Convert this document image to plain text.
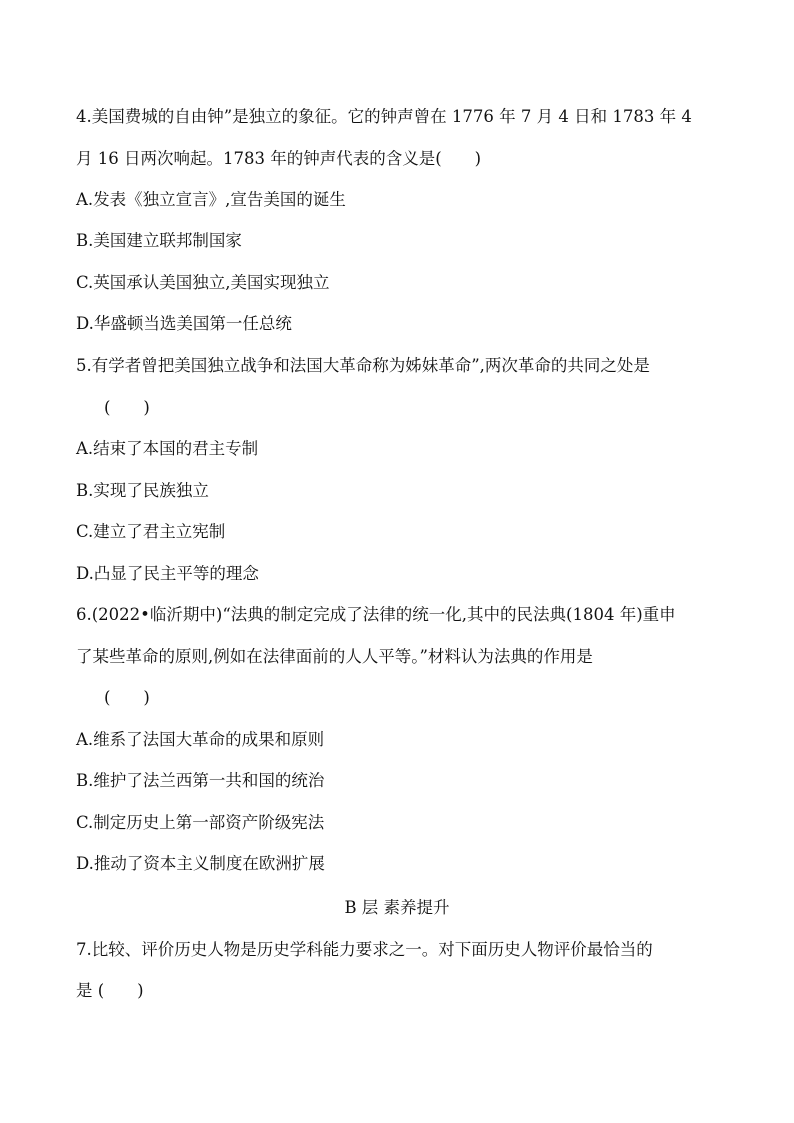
4.美国费城的自由钟”是独立的象征。它的钟声曾在 1776 年 7 月 4 日和 1783 年 4
月 16 日两次响起。1783 年的钟声代表的含义是(　　)
A.发表《独立宣言》,宣告美国的诞生
B.美国建立联邦制国家
C.英国承认美国独立,美国实现独立
D.华盛顿当选美国第一任总统
5.有学者曾把美国独立战争和法国大革命称为姊妹革命”,两次革命的共同之处是
(　　)
A.结束了本国的君主专制
B.实现了民族独立
C.建立了君主立宪制
D.凸显了民主平等的理念
6.(2022•临沂期中)“法典的制定完成了法律的统一化,其中的民法典(1804 年)重申
了某些革命的原则,例如在法律面前的人人平等。”材料认为法典的作用是
(　　)
A.维系了法国大革命的成果和原则
B.维护了法兰西第一共和国的统治
C.制定历史上第一部资产阶级宪法
D.推动了资本主义制度在欧洲扩展
B 层 素养提升
7.比较、评价历史人物是历史学科能力要求之一。对下面历史人物评价最恰当的
是 (　　)
